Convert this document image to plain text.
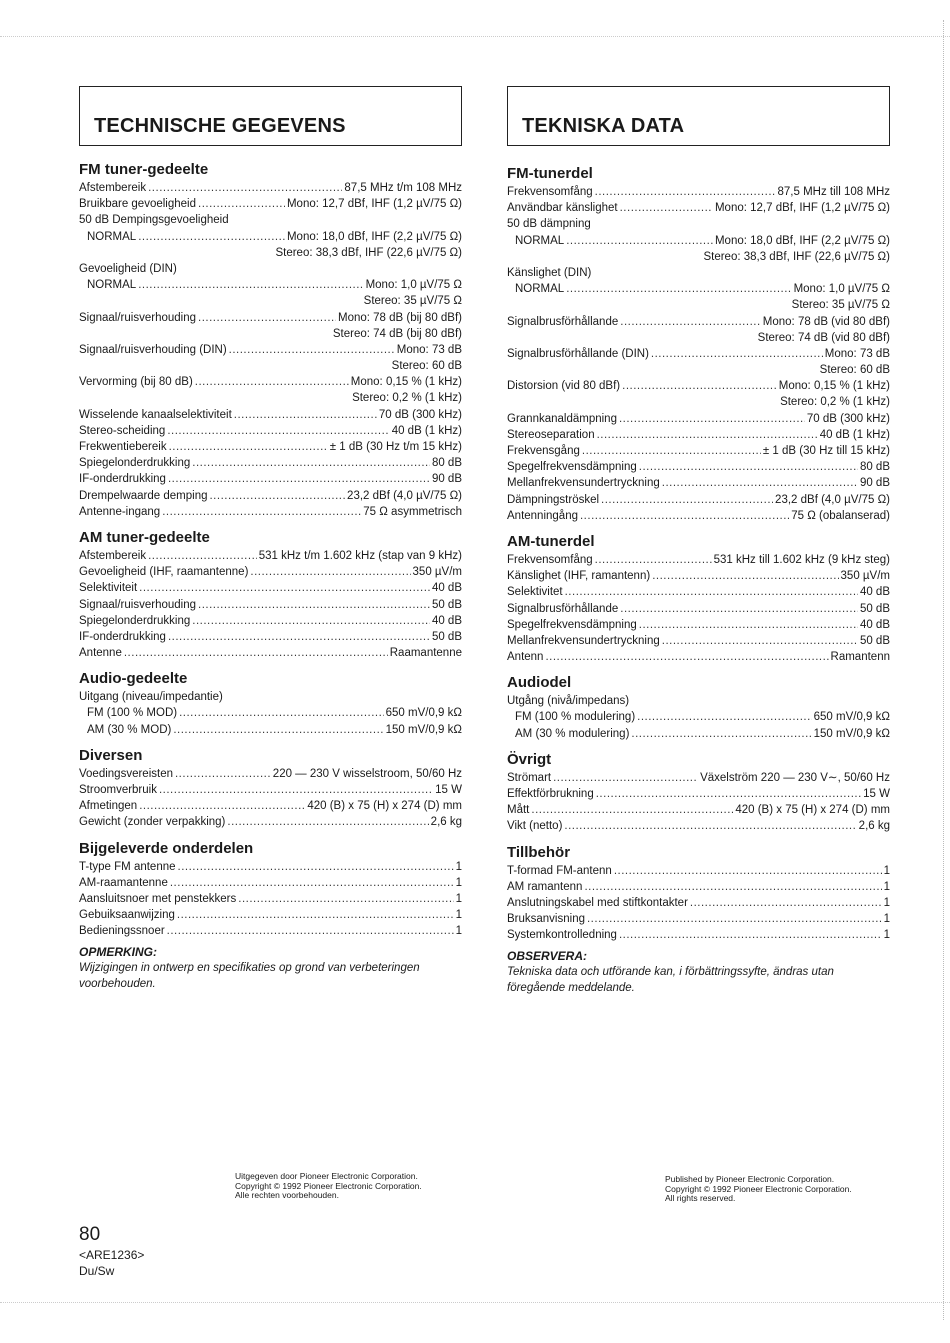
TECHNISCHE GEGEVENS
FM tuner-gedeelte
Afstembereik .....	87,5 MHz t/m 108 MHz
Bruikbare gevoeligheid .....	Mono: 12,7 dBf, IHF (1,2 µV/75 Ω)
50 dB Dempingsgevoeligheid
NORMAL .....	Mono: 18,0 dBf, IHF (2,2 µV/75 Ω)
Stereo: 38,3 dBf, IHF (22,6 µV/75 Ω)
Gevoeligheid (DIN)
NORMAL .....	Mono: 1,0 µV/75 Ω
Stereo: 35 µV/75 Ω
Signaal/ruisverhouding .....	Mono: 78 dB (bij 80 dBf)
Stereo: 74 dB (bij 80 dBf)
Signaal/ruisverhouding (DIN) .....	Mono: 73 dB
Stereo: 60 dB
Vervorming (bij 80 dB) .....	Mono: 0,15 % (1 kHz)
Stereo: 0,2 % (1 kHz)
Wisselende kanaalselektiviteit .....	70 dB (300 kHz)
Stereo-scheiding .....	40 dB (1 kHz)
Frekwentiebereik .....	± 1 dB (30 Hz t/m 15 kHz)
Spiegelonderdrukking .....	80 dB
IF-onderdrukking .....	90 dB
Drempelwaarde demping .....	23,2 dBf (4,0 µV/75 Ω)
Antenne-ingang .....	75 Ω asymmetrisch
AM tuner-gedeelte
Afstembereik .....	531 kHz t/m 1.602 kHz (stap van 9 kHz)
Gevoeligheid (IHF, raamantenne) .....	350 µV/m
Selektiviteit .....	40 dB
Signaal/ruisverhouding .....	50 dB
Spiegelonderdrukking .....	40 dB
IF-onderdrukking .....	50 dB
Antenne .....	Raamantenne
Audio-gedeelte
Uitgang (niveau/impedantie)
FM (100 % MOD) .....	650 mV/0,9 kΩ
AM (30 % MOD) .....	150 mV/0,9 kΩ
Diversen
Voedingsvereisten .....	220 — 230 V wisselstroom, 50/60 Hz
Stroomverbruik .....	15 W
Afmetingen .....	420 (B) x 75 (H) x 274 (D) mm
Gewicht (zonder verpakking) .....	2,6 kg
Bijgeleverde onderdelen
T-type FM antenne .....	1
AM-raamantenne .....	1
Aansluitsnoer met penstekkers .....	1
Gebuiksaanwijzing .....	1
Bedieningssnoer .....	1
OPMERKING:
Wijzigingen in ontwerp en specifikaties op grond van verbeteringen voorbehouden.
TEKNISKA DATA
FM-tunerdel
Frekvensomfång .....	87,5 MHz till 108 MHz
Användbar känslighet .....	Mono: 12,7 dBf, IHF (1,2 µV/75 Ω)
50 dB dämpning
NORMAL .....	Mono: 18,0 dBf, IHF (2,2 µV/75 Ω)
Stereo: 38,3 dBf, IHF (22,6 µV/75 Ω)
Känslighet (DIN)
NORMAL .....	Mono: 1,0 µV/75 Ω
Stereo: 35 µV/75 Ω
Signalbrusförhållande .....	Mono: 78 dB (vid 80 dBf)
Stereo: 74 dB (vid 80 dBf)
Signalbrusförhållande (DIN) .....	Mono: 73 dB
Stereo: 60 dB
Distorsion (vid 80 dBf) .....	Mono: 0,15 % (1 kHz)
Stereo: 0,2 % (1 kHz)
Grannkanaldämpning .....	70 dB (300 kHz)
Stereoseparation .....	40 dB (1 kHz)
Frekvensgång .....	± 1 dB (30 Hz till 15 kHz)
Spegelfrekvensdämpning .....	80 dB
Mellanfrekvensundertryckning .....	90 dB
Dämpningströskel .....	23,2 dBf (4,0 µV/75 Ω)
Antenningång .....	75 Ω (obalanserad)
AM-tunerdel
Frekvensomfång .....	531 kHz till 1.602 kHz (9 kHz steg)
Känslighet (IHF, ramantenn) .....	350 µV/m
Selektivitet .....	40 dB
Signalbrusförhållande .....	50 dB
Spegelfrekvensdämpning .....	40 dB
Mellanfrekvensundertryckning .....	50 dB
Antenn .....	Ramantenn
Audiodel
Utgång (nivå/impedans)
FM (100 % modulering) .....	650 mV/0,9 kΩ
AM (30 % modulering) .....	150 mV/0,9 kΩ
Övrigt
Strömart .....	Växelström 220 — 230 V∼, 50/60 Hz
Effektförbrukning .....	15 W
Mått .....	420 (B) x 75 (H) x 274 (D) mm
Vikt (netto) .....	2,6 kg
Tillbehör
T-formad FM-antenn .....	1
AM ramantenn .....	1
Anslutningskabel med stiftkontakter .....	1
Bruksanvisning .....	1
Systemkontrolledning .....	1
OBSERVERA:
Tekniska data och utförande kan, i förbättringssyfte, ändras utan föregående meddelande.
Uitgegeven door Pioneer Electronic Corporation.
Copyright © 1992 Pioneer Electronic Corporation.
Alle rechten voorbehouden.
Published by Pioneer Electronic Corporation.
Copyright © 1992 Pioneer Electronic Corporation.
All rights reserved.
80
<ARE1236>
Du/Sw
